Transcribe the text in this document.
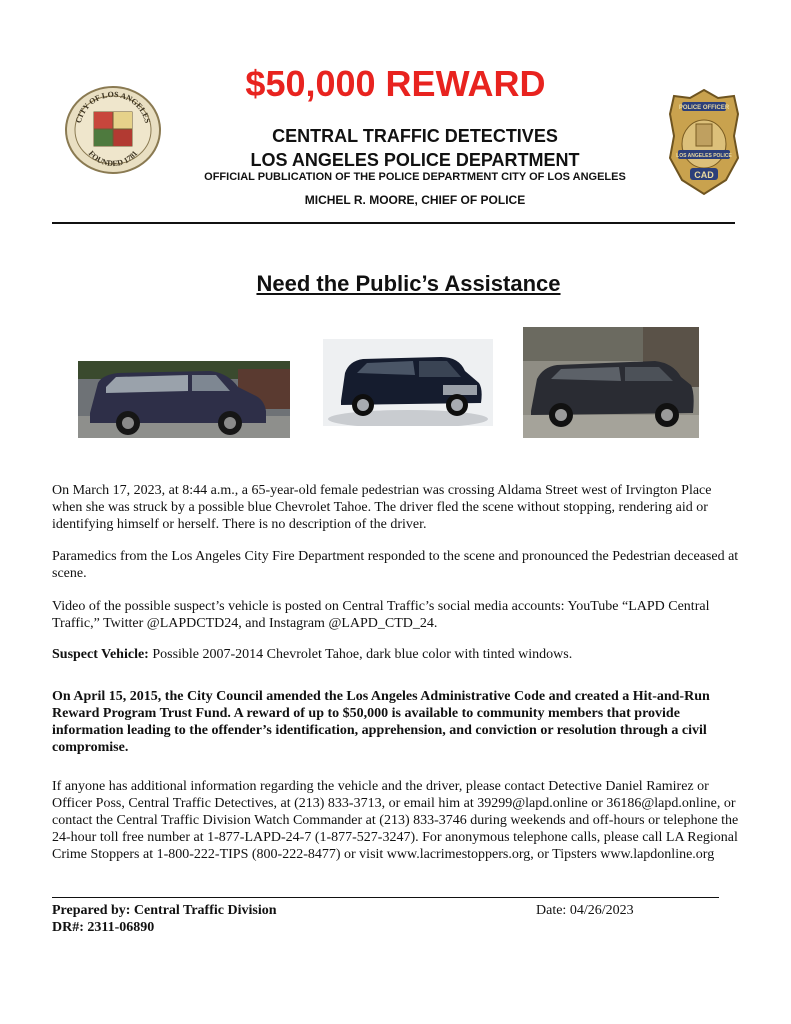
CITY OF LOS ANGELES
FOUNDED 1781
POLICE OFFICER
LOS ANGELES POLICE
CAD
$50,000 REWARD
CENTRAL TRAFFIC DETECTIVES
LOS ANGELES POLICE DEPARTMENT
OFFICIAL PUBLICATION OF THE POLICE DEPARTMENT CITY OF LOS ANGELES
MICHEL R. MOORE, CHIEF OF POLICE
Need the Public’s Assistance

On March 17, 2023, at 8:44 a.m., a 65-year-old female pedestrian was crossing Aldama Street west of Irvington Place when she was struck by a possible blue Chevrolet Tahoe. The driver fled the scene without stopping, rendering aid or identifying himself or herself. There is no description of the driver.

Paramedics from the Los Angeles City Fire Department responded to the scene and pronounced the Pedestrian deceased at scene.

Video of the possible suspect’s vehicle is posted on Central Traffic’s social media accounts: YouTube “LAPD Central Traffic,” Twitter @LAPDCTD24, and Instagram @LAPD_CTD_24.

Suspect Vehicle: Possible 2007-2014 Chevrolet Tahoe, dark blue color with tinted windows.

On April 15, 2015, the City Council amended the Los Angeles Administrative Code and created a Hit-and-Run Reward Program Trust Fund. A reward of up to $50,000 is available to community members that provide information leading to the offender’s identification, apprehension, and conviction or resolution through a civil compromise.

If anyone has additional information regarding the vehicle and the driver, please contact Detective Daniel Ramirez or Officer Poss, Central Traffic Detectives, at (213) 833-3713, or email him at 39299@lapd.online or 36186@lapd.online, or contact the Central Traffic Division Watch Commander at (213) 833-3746 during weekends and off-hours or telephone the 24-hour toll free number at 1-877-LAPD-24-7 (1-877-527-3247). For anonymous telephone calls, please call LA Regional Crime Stoppers at 1-800-222-TIPS (800-222-8477) or visit www.lacrimestoppers.org, or Tipsters www.lapdonline.org

Prepared by: Central Traffic Division
DR#: 2311-06890
Date: 04/26/2023
